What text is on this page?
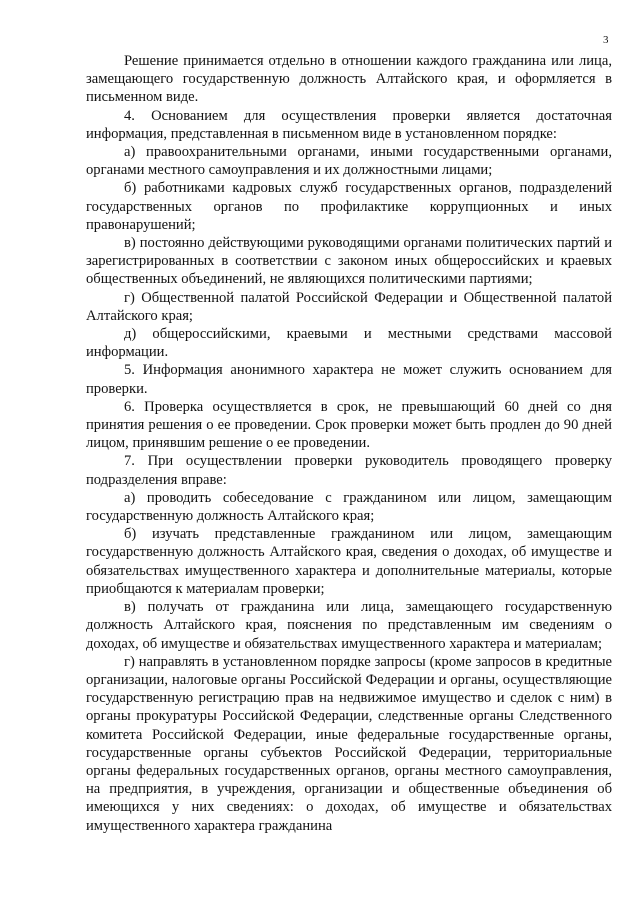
3

Решение принимается отдельно в отношении каждого гражданина или лица, замещающего государственную должность Алтайского края, и оформляется в письменном виде.

4. Основанием для осуществления проверки является достаточная информация, представленная в письменном виде в установленном порядке:

а) правоохранительными органами, иными государственными органами, органами местного самоуправления и их должностными лицами;

б) работниками кадровых служб государственных органов, подразделений государственных органов по профилактике коррупционных и иных правонарушений;

в) постоянно действующими руководящими органами политических партий и зарегистрированных в соответствии с законом иных общероссийских и краевых общественных объединений, не являющихся политическими партиями;

г) Общественной палатой Российской Федерации и Общественной палатой Алтайского края;

д) общероссийскими, краевыми и местными средствами массовой информации.

5. Информация анонимного характера не может служить основанием для проверки.

6. Проверка осуществляется в срок, не превышающий 60 дней со дня принятия решения о ее проведении. Срок проверки может быть продлен до 90 дней лицом, принявшим решение о ее проведении.

7. При осуществлении проверки руководитель проводящего проверку подразделения вправе:

а) проводить собеседование с гражданином или лицом, замещающим государственную должность Алтайского края;

б) изучать представленные гражданином или лицом, замещающим государственную должность Алтайского края, сведения о доходах, об имуществе и обязательствах имущественного характера и дополнительные материалы, которые приобщаются к материалам проверки;

в) получать от гражданина или лица, замещающего государственную должность Алтайского края, пояснения по представленным им сведениям о доходах, об имуществе и обязательствах имущественного характера и материалам;

г) направлять в установленном порядке запросы (кроме запросов в кредитные организации, налоговые органы Российской Федерации и органы, осуществляющие государственную регистрацию прав на недвижимое имущество и сделок с ним) в органы прокуратуры Российской Федерации, следственные органы Следственного комитета Российской Федерации, иные федеральные государственные органы, государственные органы субъектов Российской Федерации, территориальные органы федеральных государственных органов, органы местного самоуправления, на предприятия, в учреждения, организации и общественные объединения об имеющихся у них сведениях: о доходах, об имуществе и обязательствах имущественного характера гражданина
